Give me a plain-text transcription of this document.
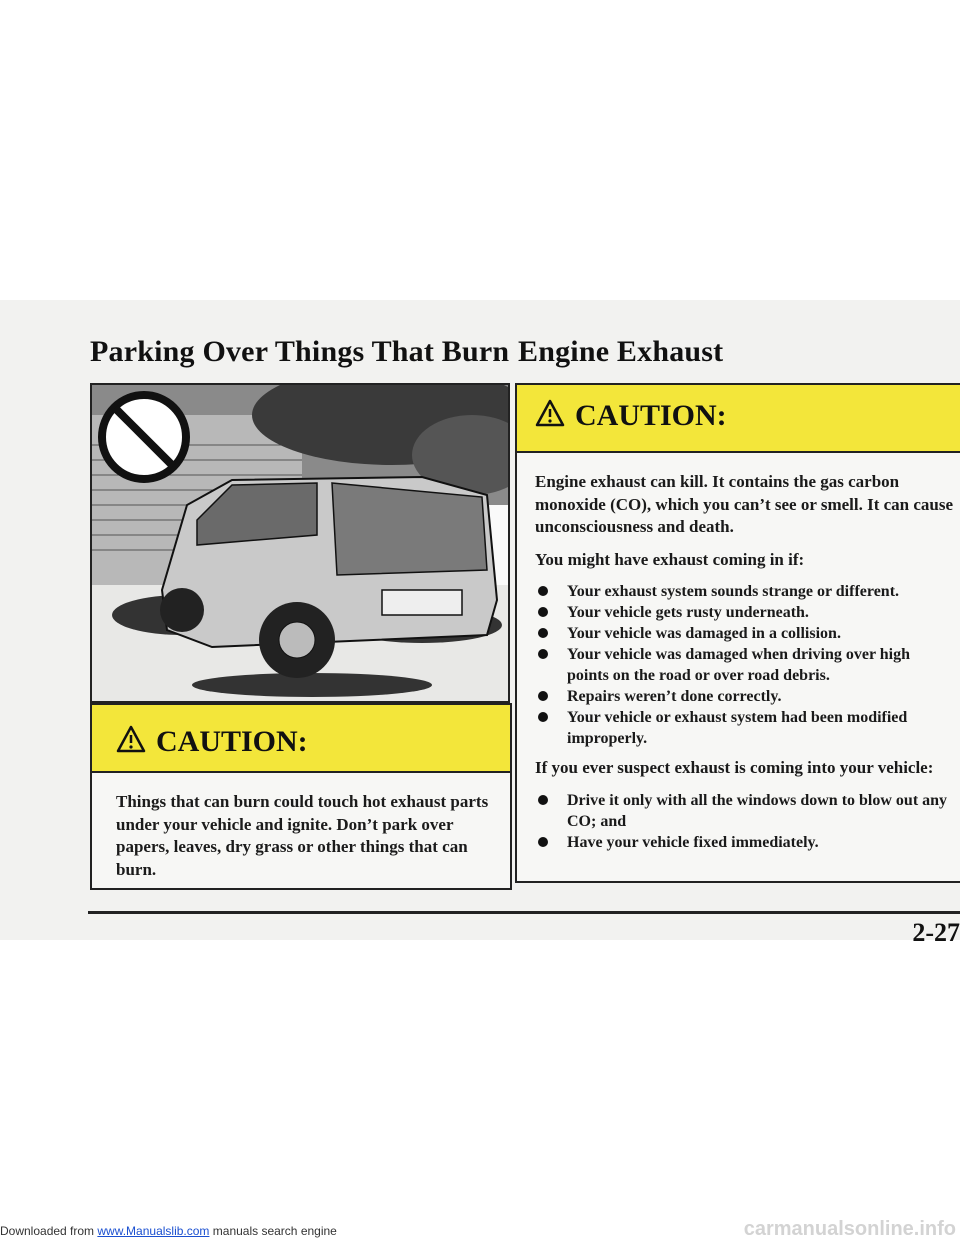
Parking Over Things That Burn Engine Exhaust
CAUTION:
Things that can burn could touch hot exhaust parts under your vehicle and ignite. Don’t park over papers, leaves, dry grass or other things that can burn.
CAUTION:

Engine exhaust can kill. It contains the gas carbon monoxide (CO), which you can’t see or smell. It can cause unconsciousness and death.

You might have exhaust coming in if:

Your exhaust system sounds strange or different.
Your vehicle gets rusty underneath.
Your vehicle was damaged in a collision.
Your vehicle was damaged when driving over high points on the road or over road debris.
Repairs weren’t done correctly.
Your vehicle or exhaust system had been modified improperly.

If you ever suspect exhaust is coming into your vehicle:

Drive it only with all the windows down to blow out any CO; and
Have your vehicle fixed immediately.
2-27
Downloaded from www.Manualslib.com manuals search engine	carmanualsonline.info
